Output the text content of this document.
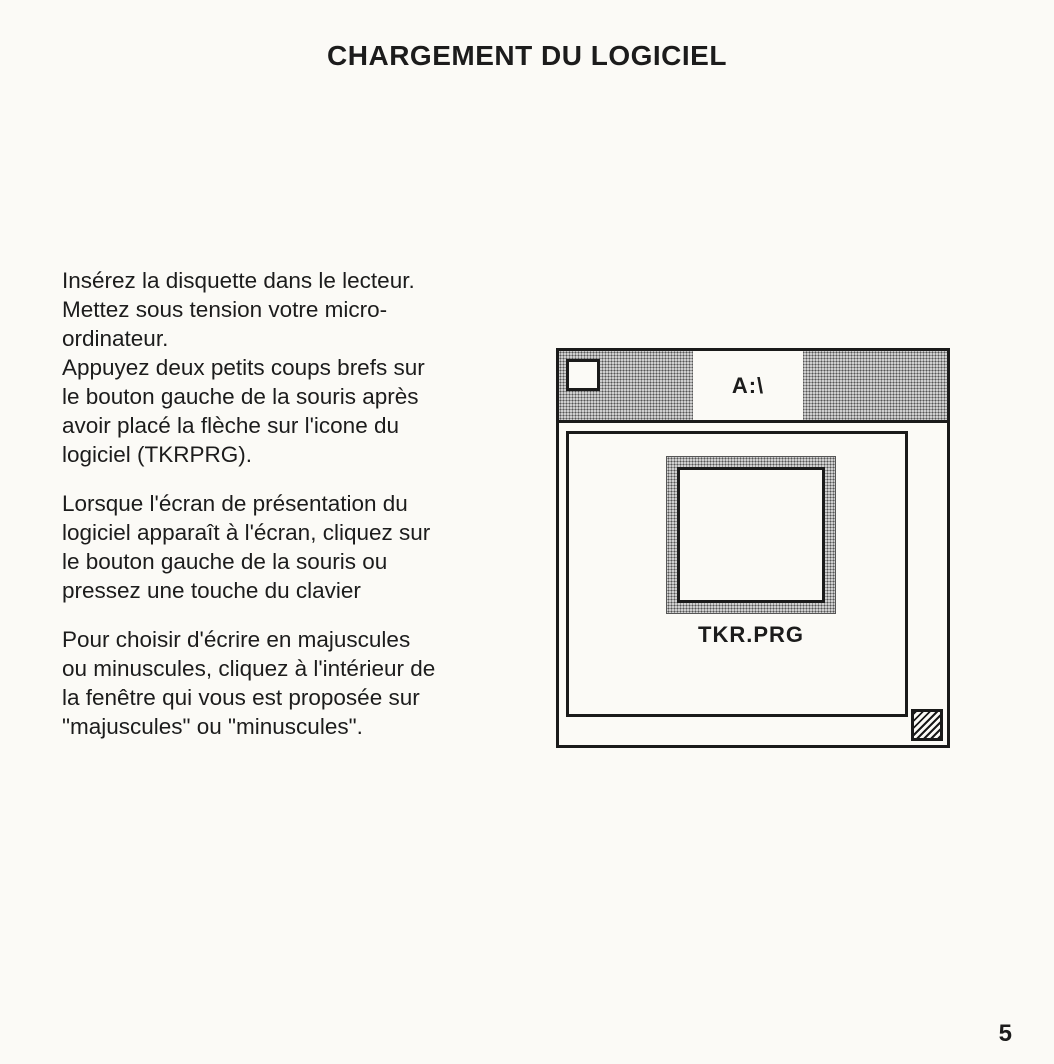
CHARGEMENT DU LOGICIEL

Insérez la disquette dans le lecteur.
Mettez sous tension votre micro-
ordinateur.
Appuyez deux petits coups brefs sur
le bouton gauche de la souris après
avoir placé la flèche sur l'icone du
logiciel (TKRPRG).

Lorsque l'écran de présentation du
logiciel apparaît à l'écran, cliquez sur
le bouton gauche de la souris ou
pressez une touche du clavier

Pour choisir d'écrire en majuscules
ou minuscules, cliquez à l'intérieur de
la fenêtre qui vous est proposée sur
"majuscules" ou "minuscules".

A:\
TKR.PRG
5
